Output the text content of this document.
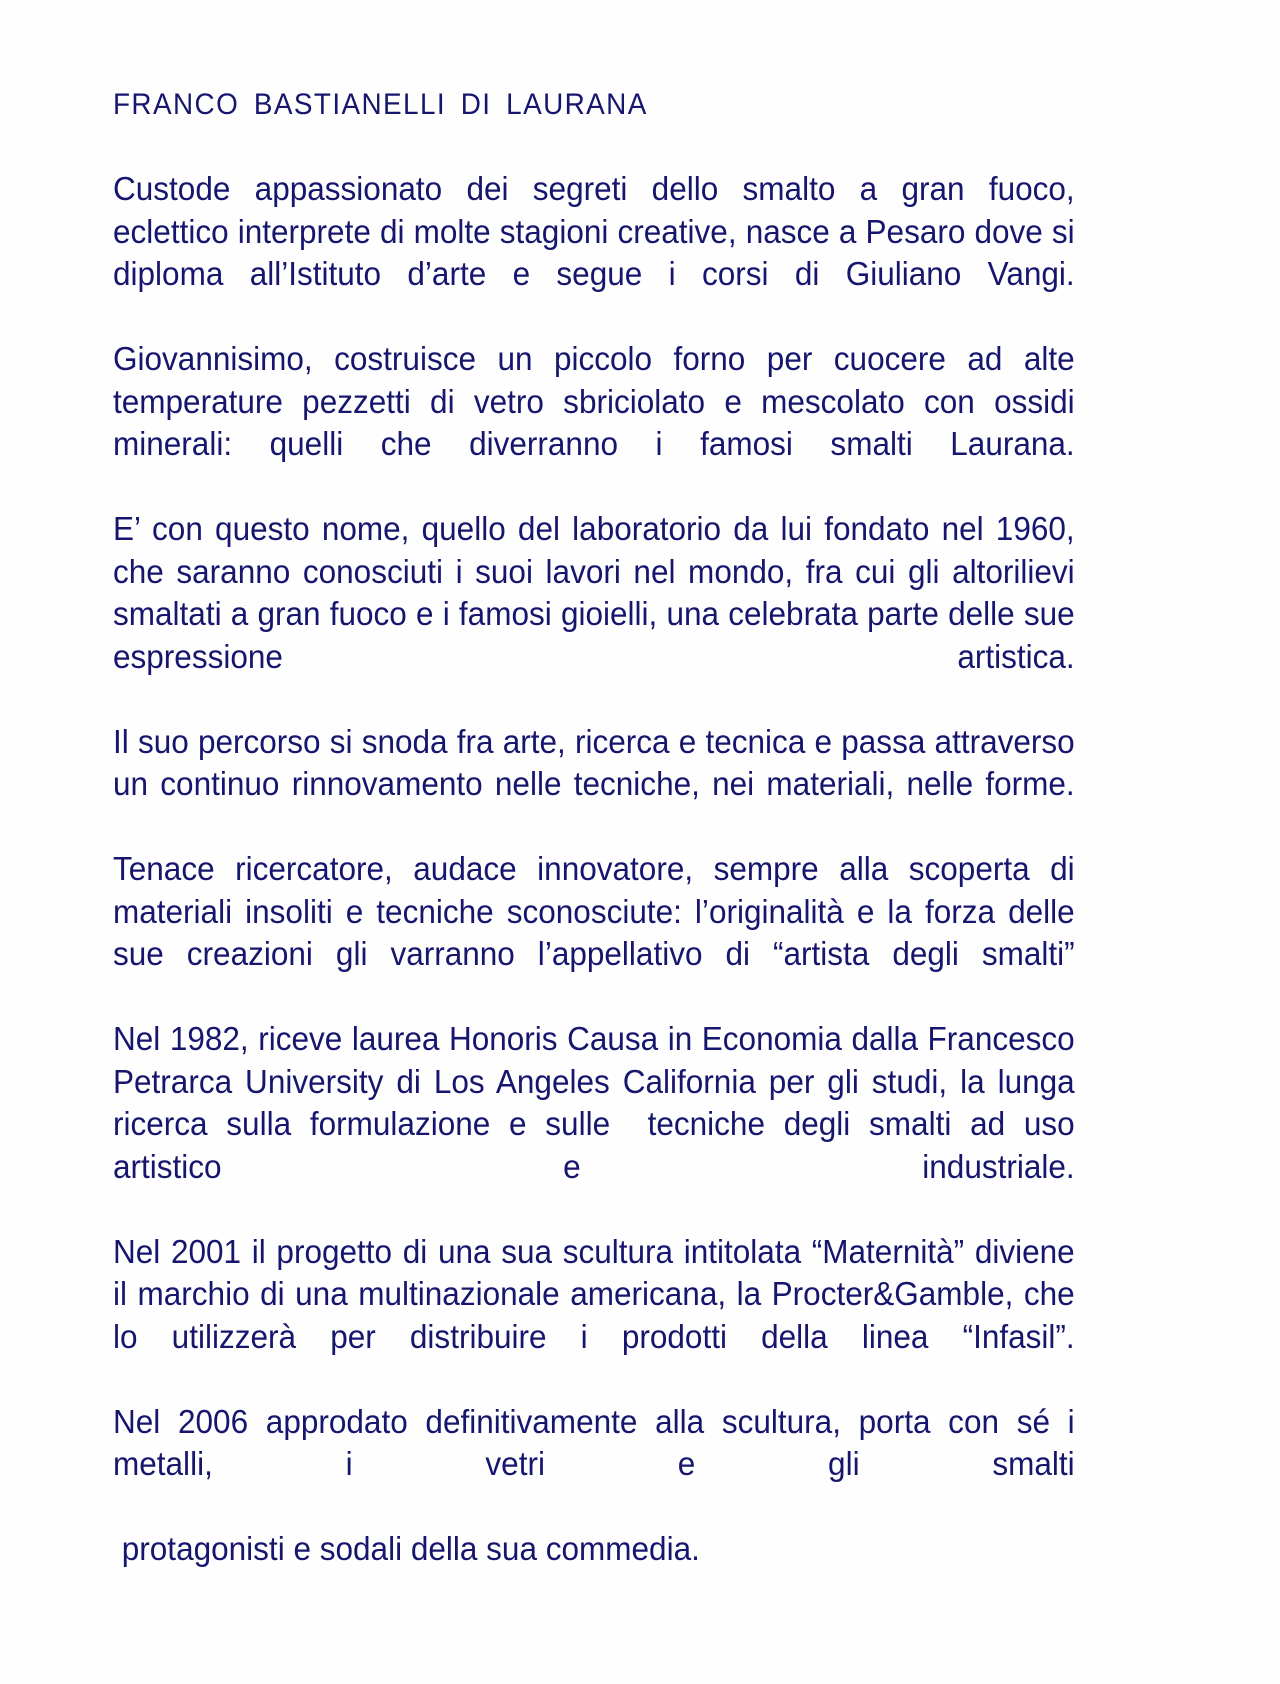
FRANCO BASTIANELLI DI LAURANA

Custode appassionato dei segreti dello smalto a gran fuoco, eclettico interprete di molte stagioni creative, nasce a Pesaro dove si diploma all’Istituto d’arte e segue i corsi di Giuliano Vangi.

Giovannisimo, costruisce un piccolo forno per cuocere ad alte temperature pezzetti di vetro sbriciolato e mescolato con ossidi minerali: quelli che diverranno i famosi smalti Laurana.

E’ con questo nome, quello del laboratorio da lui fondato nel 1960, che saranno conosciuti i suoi lavori nel mondo, fra cui gli altorilievi smaltati a gran fuoco e i famosi gioielli, una celebrata parte delle sue espressione artistica.

Il suo percorso si snoda fra arte, ricerca e tecnica e passa attraverso un continuo rinnovamento nelle tecniche, nei materiali, nelle forme.

Tenace ricercatore, audace innovatore, sempre alla scoperta di materiali insoliti e tecniche sconosciute: l’originalità e la forza delle sue creazioni gli varranno l’appellativo di “artista degli smalti”

Nel 1982, riceve laurea Honoris Causa in Economia dalla Francesco Petrarca University di Los Angeles California per gli studi, la lunga ricerca sulla formulazione e sulle  tecniche degli smalti ad uso artistico e industriale.

Nel 2001 il progetto di una sua scultura intitolata “Maternità” diviene il marchio di una multinazionale americana, la Procter&Gamble, che lo utilizzerà per distribuire i prodotti della linea “Infasil”.

Nel 2006 approdato definitivamente alla scultura, porta con sé i metalli, i vetri e gli smalti

protagonisti e sodali della sua commedia.
